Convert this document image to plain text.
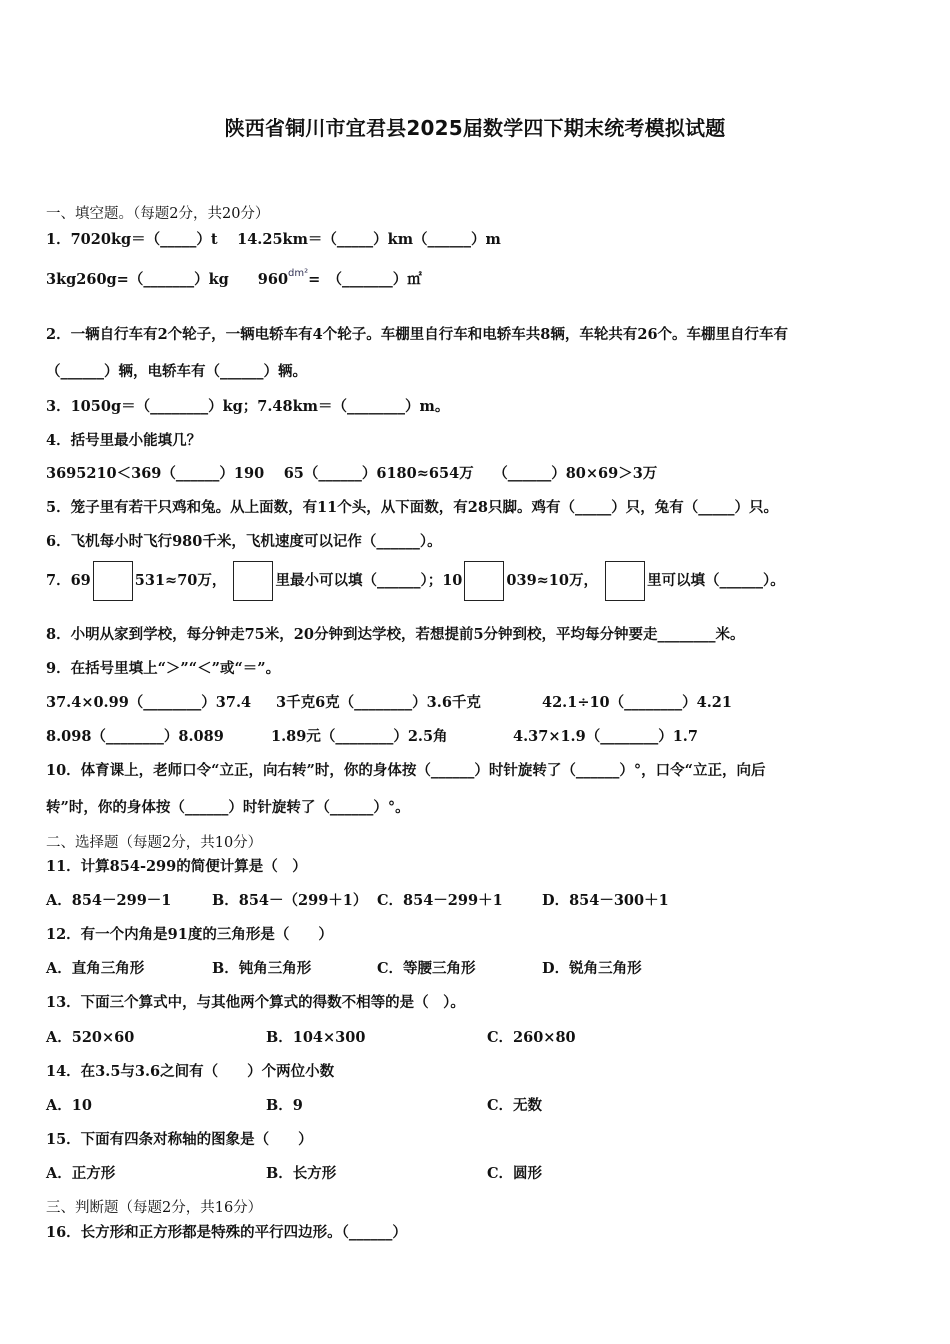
陕西省铜川市宜君县2025届数学四下期末统考模拟试题
一、填空题。（每题2分，共20分）
1．7020kg＝（_____）t　 14.25km＝（_____）km（______）m
3kg260g=（_______）kg　　960dm²=　（_______）㎡
2．一辆自行车有2个轮子，一辆电轿车有4个轮子。车棚里自行车和电轿车共8辆，车轮共有26个。车棚里自行车有
（______）辆，电轿车有（______）辆。
3．1050g＝（________）kg；7.48km＝（________）m。
4．括号里最小能填几？
3695210＜369（______）190　 65（______）6180≈654万　 （______）80×69＞3万
5．笼子里有若干只鸡和兔。从上面数，有11个头，从下面数，有28只脚。鸡有（_____）只，兔有（_____）只。
6．飞机每小时飞行980千米，飞机速度可以记作（______）。
7．69	531≈70万，	里最小可以填（______）；10	039≈10万，	里可以填（______）。
8．小明从家到学校，每分钟走75米，20分钟到达学校，若想提前5分钟到校，平均每分钟要走________米。
9．在括号里填上“＞”“＜”或“＝”。
37.4×0.99（________）37.4 3千克6克（________）3.6千克	42.1÷10（________）4.21
8.098（________）8.089	1.89元（________）2.5角	4.37×1.9（________）1.7
10．体育课上，老师口令“立正，向右转”时，你的身体按（______）时针旋转了（______）°，口令“立正，向后
转”时，你的身体按（______）时针旋转了（______）°。
二、选择题（每题2分，共10分）
11．计算854-299的简便计算是（　）
A．854－299－1	B．854－（299＋1） C．854－299＋1	D．854－300＋1
12．有一个内角是91度的三角形是（　　）
A．直角三角形	B．钝角三角形	C．等腰三角形	D．锐角三角形
13．下面三个算式中，与其他两个算式的得数不相等的是（　）。
A．520×60	B．104×300	C．260×80
14．在3.5与3.6之间有（　　）个两位小数
A．10	B．9	C．无数
15．下面有四条对称轴的图象是（　　）
A．正方形	B．长方形	C．圆形
三、判断题（每题2分，共16分）
16．长方形和正方形都是特殊的平行四边形。（______）
